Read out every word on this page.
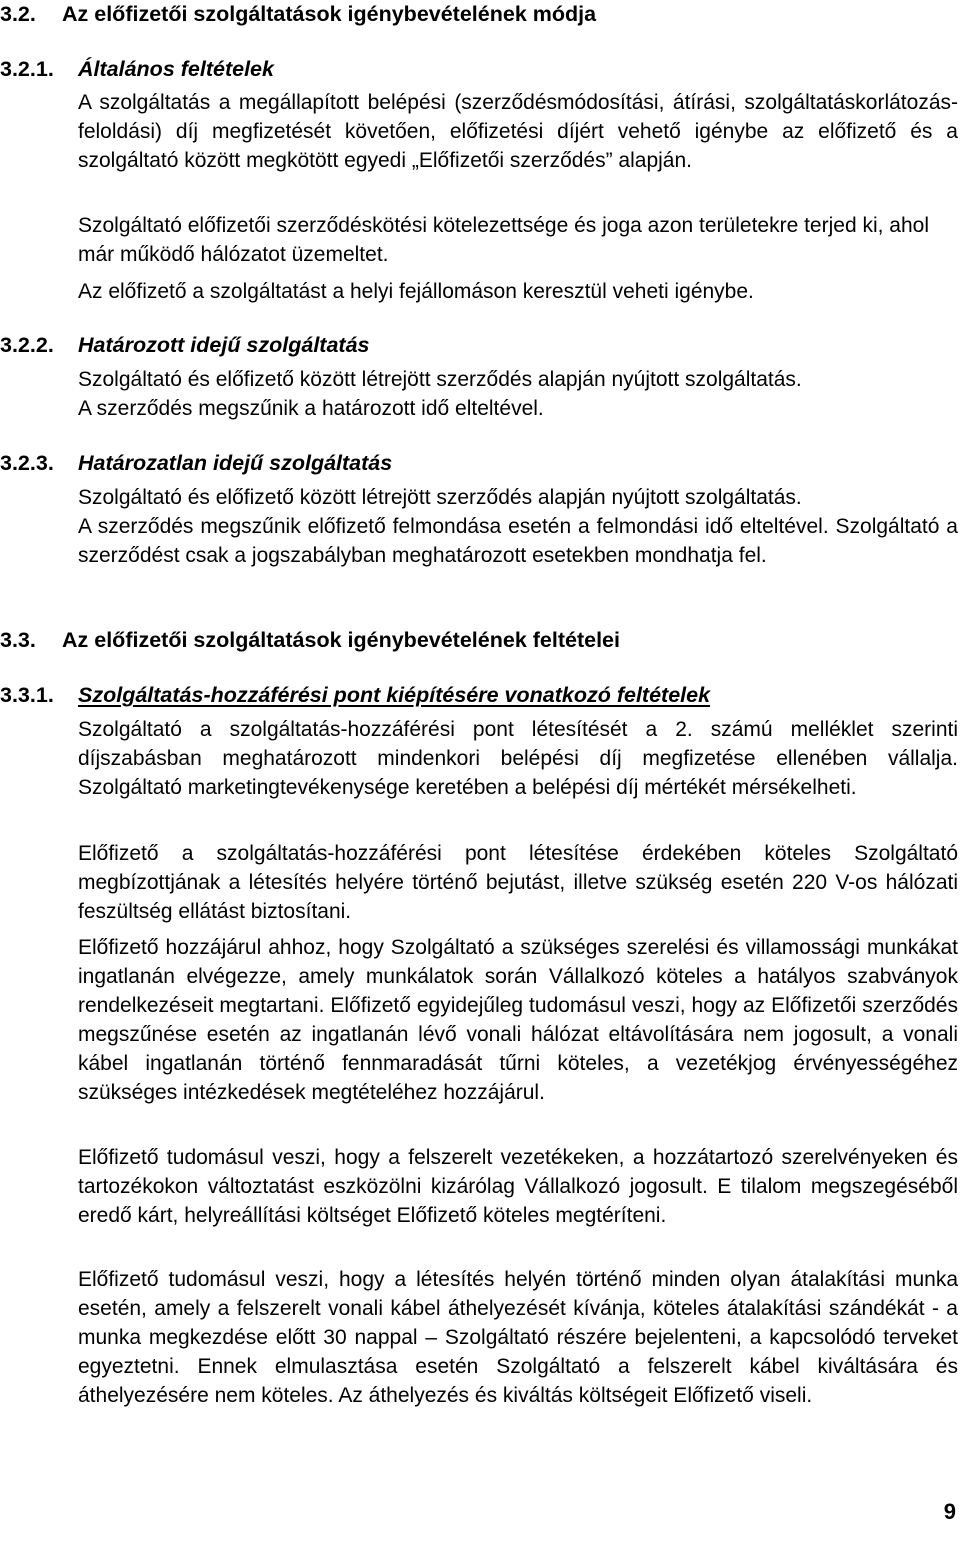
3.2. Az előfizetői szolgáltatások igénybevételének módja
3.2.1. Általános feltételek

A szolgáltatás a megállapított belépési (szerződésmódosítási, átírási, szolgáltatáskorlátozás-feloldási) díj megfizetését követően, előfizetési díjért vehető igénybe az előfizető és a szolgáltató között megkötött egyedi „Előfizetői szerződés” alapján.

Szolgáltató előfizetői szerződéskötési kötelezettsége és joga azon területekre terjed ki, ahol már működő hálózatot üzemeltet.

Az előfizető a szolgáltatást a helyi fejállomáson keresztül veheti igénybe.

3.2.2. Határozott idejű szolgáltatás

Szolgáltató és előfizető között létrejött szerződés alapján nyújtott szolgáltatás.

A szerződés megszűnik a határozott idő elteltével.

3.2.3. Határozatlan idejű szolgáltatás

Szolgáltató és előfizető között létrejött szerződés alapján nyújtott szolgáltatás.

A szerződés megszűnik előfizető felmondása esetén a felmondási idő elteltével. Szolgáltató a szerződést csak a jogszabályban meghatározott esetekben mondhatja fel.

3.3. Az előfizetői szolgáltatások igénybevételének feltételei
3.3.1. Szolgáltatás-hozzáférési pont kiépítésére vonatkozó feltételek

Szolgáltató a szolgáltatás-hozzáférési pont létesítését a 2. számú melléklet szerinti díjszabásban meghatározott mindenkori belépési díj megfizetése ellenében vállalja. Szolgáltató marketingtevékenysége keretében a belépési díj mértékét mérsékelheti.

Előfizető a szolgáltatás-hozzáférési pont létesítése érdekében köteles Szolgáltató megbízottjának a létesítés helyére történő bejutást, illetve szükség esetén 220 V-os hálózati feszültség ellátást biztosítani.

Előfizető hozzájárul ahhoz, hogy Szolgáltató a szükséges szerelési és villamossági munkákat ingatlanán elvégezze, amely munkálatok során Vállalkozó köteles a hatályos szabványok rendelkezéseit megtartani. Előfizető egyidejűleg tudomásul veszi, hogy az Előfizetői szerződés megszűnése esetén az ingatlanán lévő vonali hálózat eltávolítására nem jogosult, a vonali kábel ingatlanán történő fennmaradását tűrni köteles, a vezetékjog érvényességéhez szükséges intézkedések megtételéhez hozzájárul.

Előfizető tudomásul veszi, hogy a felszerelt vezetékeken, a hozzátartozó szerelvényeken és tartozékokon változtatást eszközölni kizárólag Vállalkozó jogosult. E tilalom megszegéséből eredő kárt, helyreállítási költséget Előfizető köteles megtéríteni.

Előfizető tudomásul veszi, hogy a létesítés helyén történő minden olyan átalakítási munka esetén, amely a felszerelt vonali kábel áthelyezését kívánja, köteles átalakítási szándékát - a munka megkezdése előtt 30 nappal – Szolgáltató részére bejelenteni, a kapcsolódó terveket egyeztetni. Ennek elmulasztása esetén Szolgáltató a felszerelt kábel kiváltására és áthelyezésére nem köteles. Az áthelyezés és kiváltás költségeit Előfizető viseli.

9
